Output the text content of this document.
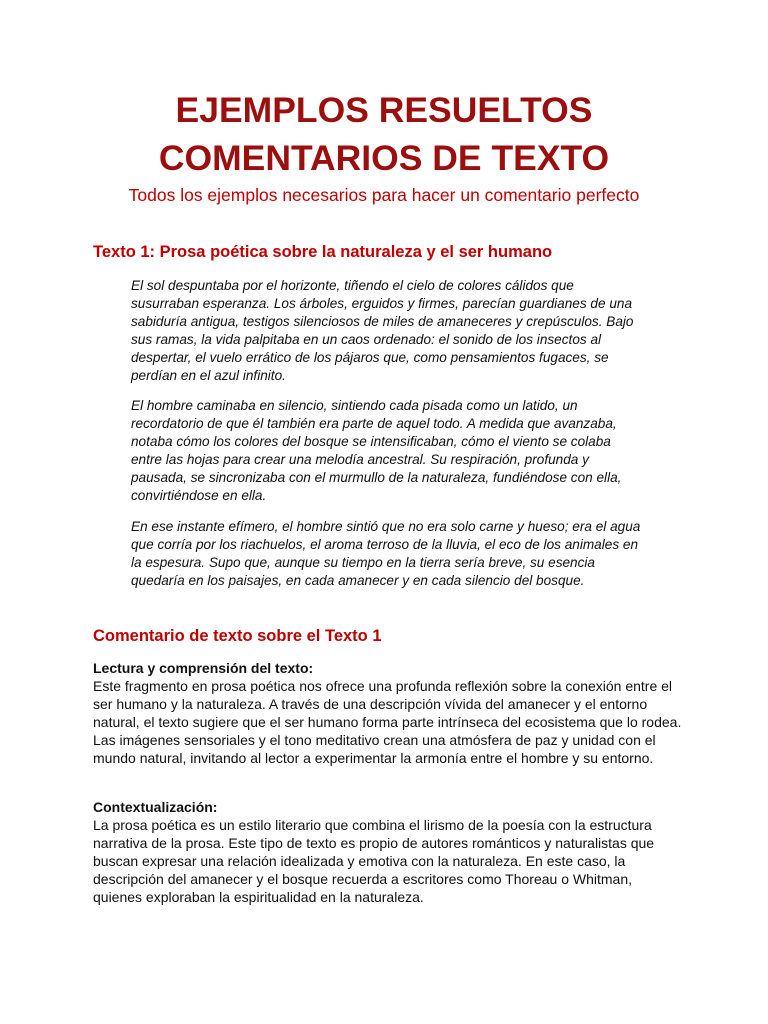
EJEMPLOS RESUELTOS
COMENTARIOS DE TEXTO

Todos los ejemplos necesarios para hacer un comentario perfecto

Texto 1: Prosa poética sobre la naturaleza y el ser humano

El sol despuntaba por el horizonte, tiñendo el cielo de colores cálidos que susurraban esperanza. Los árboles, erguidos y firmes, parecían guardianes de una sabiduría antigua, testigos silenciosos de miles de amaneceres y crepúsculos. Bajo sus ramas, la vida palpitaba en un caos ordenado: el sonido de los insectos al despertar, el vuelo errático de los pájaros que, como pensamientos fugaces, se perdían en el azul infinito.

El hombre caminaba en silencio, sintiendo cada pisada como un latido, un recordatorio de que él también era parte de aquel todo. A medida que avanzaba, notaba cómo los colores del bosque se intensificaban, cómo el viento se colaba entre las hojas para crear una melodía ancestral. Su respiración, profunda y pausada, se sincronizaba con el murmullo de la naturaleza, fundiéndose con ella, convirtiéndose en ella.

En ese instante efímero, el hombre sintió que no era solo carne y hueso; era el agua que corría por los riachuelos, el aroma terroso de la lluvia, el eco de los animales en la espesura. Supo que, aunque su tiempo en la tierra sería breve, su esencia quedaría en los paisajes, en cada amanecer y en cada silencio del bosque.

Comentario de texto sobre el Texto 1

Lectura y comprensión del texto:

Este fragmento en prosa poética nos ofrece una profunda reflexión sobre la conexión entre el ser humano y la naturaleza. A través de una descripción vívida del amanecer y el entorno natural, el texto sugiere que el ser humano forma parte intrínseca del ecosistema que lo rodea. Las imágenes sensoriales y el tono meditativo crean una atmósfera de paz y unidad con el mundo natural, invitando al lector a experimentar la armonía entre el hombre y su entorno.

Contextualización:

La prosa poética es un estilo literario que combina el lirismo de la poesía con la estructura narrativa de la prosa. Este tipo de texto es propio de autores románticos y naturalistas que buscan expresar una relación idealizada y emotiva con la naturaleza. En este caso, la descripción del amanecer y el bosque recuerda a escritores como Thoreau o Whitman, quienes exploraban la espiritualidad en la naturaleza.
